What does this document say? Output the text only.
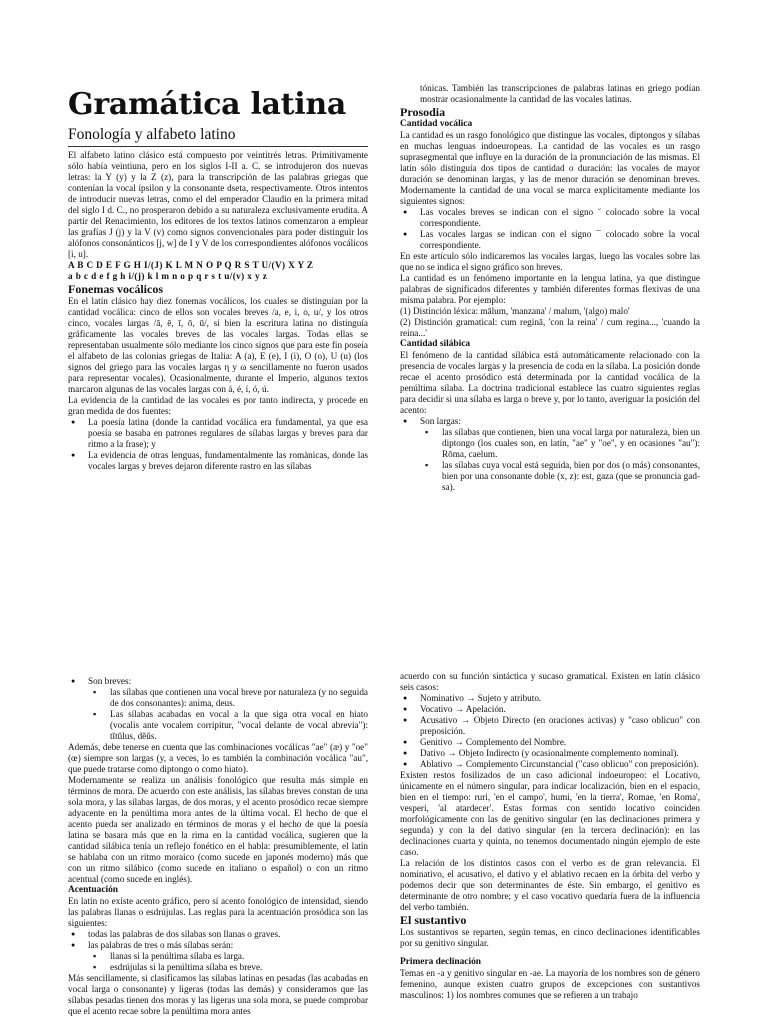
Gramática latina
Fonología y alfabeto latino

El alfabeto latino clásico está compuesto por veintitrés letras. Primitivamente sólo había veintiuna, pero en los siglos I-II a. C. se introdujeron dos nuevas letras: la Y (y) y la Z (z), para la transcripción de las palabras griegas que contenían la vocal ípsilon y la consonante dseta, respectivamente. Otros intentos de introducir nuevas letras, como el del emperador Claudio en la primera mitad del siglo I d. C., no prosperaron debido a su naturaleza exclusivamente erudita. A partir del Renacimiento, los editores de los textos latinos comenzaron a emplear las grafías J (j) y la V (v) como signos convencionales para poder distinguir los alófonos consonánticos [j, w] de I y V de los correspondientes alófonos vocálicos [i, u].

A B C D E F G H I/(J) K L M N O P Q R S T U/(V) X Y Z

a b c d e f g h i/(j) k l m n o p q r s t u/(v) x y z

Fonemas vocálicos

En el latín clásico hay diez fonemas vocálicos, los cuales se distinguían por la cantidad vocálica: cinco de ellos son vocales breves /a, e, i, o, u/, y los otros cinco, vocales largas /ā, ē, ī, ō, ū/, si bien la escritura latina no distinguía gráficamente las vocales breves de las vocales largas. Todas ellas se representaban usualmente sólo mediante los cinco signos que para este fin poseía el alfabeto de las colonias griegas de Italia: A (a), E (e), I (i), O (o), U (u) (los signos del griego para las vocales largas η y ω sencillamente no fueron usados para representar vocales). Ocasionalmente, durante el Imperio, algunos textos marcaron algunas de las vocales largas con á, é, í, ó, ú.

La evidencia de la cantidad de las vocales es por tanto indirecta, y procede en gran medida de dos fuentes:

● La poesía latina (donde la cantidad vocálica era fundamental, ya que esa poesía se basaba en patrones regulares de sílabas largas y breves para dar ritmo a la frase); y
● La evidencia de otras lenguas, fundamentalmente las romànicas, donde las vocales largas y breves dejaron diferente rastro en las sílabas

tónicas. También las transcripciones de palabras latinas en griego podían mostrar ocasionalmente la cantidad de las vocales latinas.

Prosodia
Cantidad vocálica

La cantidad es un rasgo fonológico que distingue las vocales, diptongos y sílabas en muchas lenguas indoeuropeas. La cantidad de las vocales es un rasgo suprasegmental que influye en la duración de la pronunciación de las mismas. El latín sólo distinguía dos tipos de cantidad o duración: las vocales de mayor duración se denominan largas, y las de menor duración se denominan breves. Modernamente la cantidad de una vocal se marca explícitamente mediante los siguientes signos:

● Las vocales breves se indican con el signo ˘ colocado sobre la vocal correspondiente.
● Las vocales largas se indican con el signo ¯ colocado sobre la vocal correspondiente.

En este artículo sólo indicaremos las vocales largas, luego las vocales sobre las que no se indica el signo gráfico son breves.

La cantidad es un fenómeno importante en la lengua latina, ya que distingue palabras de significados diferentes y también diferentes formas flexivas de una misma palabra. Por ejemplo:

(1) Distinción léxica: mālum, 'manzana' / malum, '(algo) malo'

(2) Distinción gramatical: cum reginā, 'con la reina' / cum regina..., 'cuando la reina...'

Cantidad silábica

El fenómeno de la cantidad silábica está automáticamente relacionado con la presencia de vocales largas y la presencia de coda en la sílaba. La posición donde recae el acento prosódico está determinada por la cantidad vocálica de la penúltima sílaba. La doctrina tradicional establece las cuatro siguientes reglas para decidir si una sílaba es larga o breve y, por lo tanto, averiguar la posición del acento:

● Son largas:
▪ las sílabas que contienen, bien una vocal larga por naturaleza, bien un diptongo (los cuales son, en latín, "ae" y "oe", y en ocasiones "au"): Rōma, caelum.
▪ las sílabas cuya vocal está seguida, bien por dos (o más) consonantes, bien por una consonante doble (x, z): est, gaza (que se pronuncia gad-sa).
● Son breves:
▪ las sílabas que contienen una vocal breve por naturaleza (y no seguida de dos consonantes): anima, deus.
▪ Las sílabas acabadas en vocal a la que siga otra vocal en hiato (vocalis ante vocalem corripitur, "vocal delante de vocal abrevia"): tĭtŭlus, dĕŭs.

Además, debe tenerse en cuenta que las combinaciones vocálicas "ae" (æ) y "oe" (œ) siempre son largas (y, a veces, lo es también la combinación vocálica "au", que puede tratarse como diptongo o como hiato).

Modernamente se realiza un análisis fonológico que resulta más simple en términos de mora. De acuerdo con este análisis, las sílabas breves constan de una sola mora, y las sílabas largas, de dos moras, y el acento prosódico recae siempre adyacente en la penúltima mora antes de la última vocal. El hecho de que el acento pueda ser analizado en términos de moras y el hecho de que la poesía latina se basara más que en la rima en la cantidad vocálica, sugieren que la cantidad silábica tenía un reflejo fonético en el habla: presumiblemente, el latín se hablaba con un ritmo moraico (como sucede en japonés moderno) más que con un ritmo silábico (como sucede en italiano o español) o con un ritmo acentual (como sucede en inglés).

Acentuación

En latín no existe acento gráfico, pero sí acento fonológico de intensidad, siendo las palabras llanas o esdrújulas. Las reglas para la acentuación prosódica son las siguientes:

● todas las palabras de dos sílabas son llanas o graves.
● las palabras de tres o más sílabas serán:
▪ llanas si la penúltima sílaba es larga.
▪ esdrújulas si la penúltima sílaba es breve.

Más sencillamente, si clasificamos las sílabas latinas en pesadas (las acabadas en vocal larga o consonante) y ligeras (todas las demás) y consideramos que las sílabas pesadas tienen dos moras y las ligeras una sola mora, se puede comprobar que el acento recae sobre la penúltima mora antes

acuerdo con su función sintáctica y sucaso gramatical. Existen en latín clásico seis casos:

● Nominativo → Sujeto y atributo.
● Vocativo → Apelación.
● Acusativo → Objeto Directo (en oraciones activas) y "caso oblicuo" con preposición.
● Genitivo → Complemento del Nombre.
● Dativo → Objeto Indirecto (y ocasionalmente complemento nominal).
● Ablativo → Complemento Circunstancial ("caso oblicuo" con preposición).

Existen restos fosilizados de un caso adicional indoeuropeo: el Locativo, únicamente en el número singular, para indicar localización, bien en el espacio, bien en el tiempo: ruri, 'en el campo', humi, 'en la tierra', Romae, 'en Roma', vesperi, 'al atardecer'. Estas formas con sentido locativo coinciden morfológicamente con las de genitivo singular (en las declinaciones primera y segunda) y con la del dativo singular (en la tercera declinación): en las declinaciones cuarta y quinta, no tenemos documentado ningún ejemplo de este caso.

La relación de los distintos casos con el verbo es de gran relevancia. El nominativo, el acusativo, el dativo y el ablativo recaen en la órbita del verbo y podemos decir que son determinantes de éste. Sin embargo, el genitivo es determinante de otro nombre; y el caso vocativo quedaría fuera de la influencia del verbo también.

El sustantivo

Los sustantivos se reparten, según temas, en cinco declinaciones identificables por su genitivo singular.

Primera declinación

Temas en -a y genitivo singular en -ae. La mayoría de los nombres son de género femenino, aunque existen cuatro grupos de excepciones con sustantivos masculinos: 1) los nombres comunes que se refieren a un trabajo
